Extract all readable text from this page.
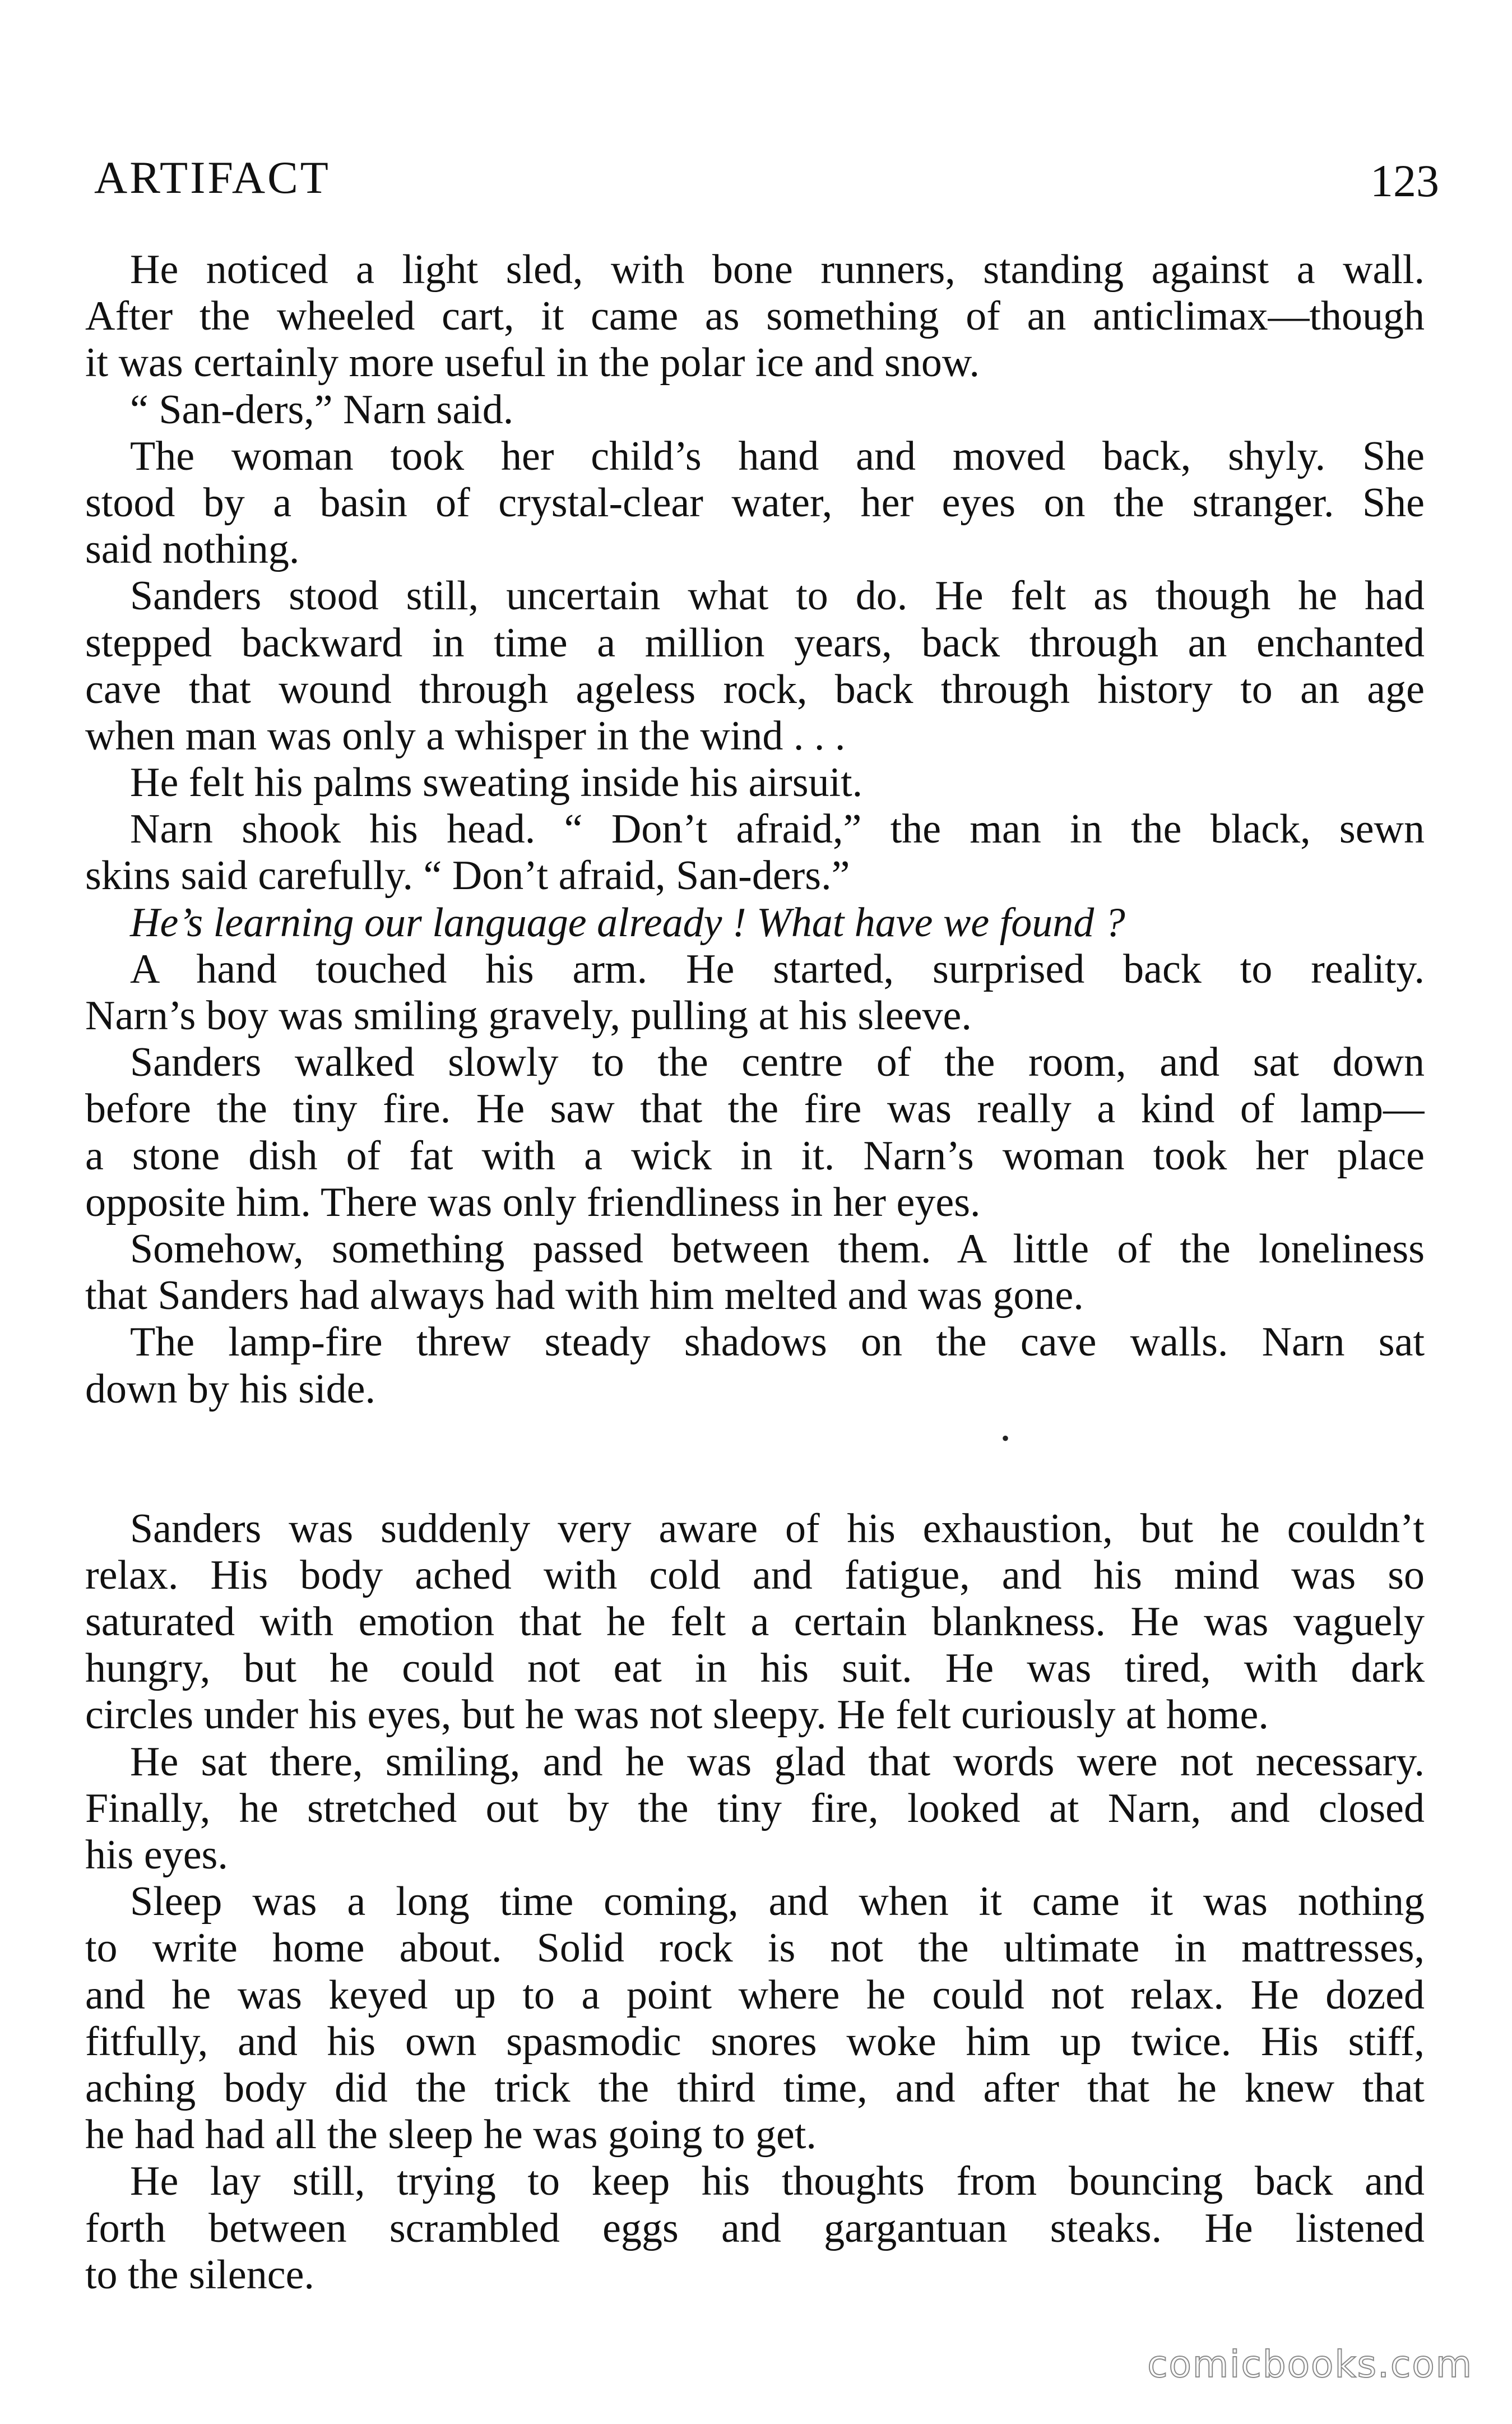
ARTIFACT	123
He noticed a light sled, with bone runners, standing against a wall.
After the wheeled cart, it came as something of an anticlimax—though
it was certainly more useful in the polar ice and snow.
“ San-ders,” Narn said.
The woman took her child’s hand and moved back, shyly. She
stood by a basin of crystal-clear water, her eyes on the stranger. She
said nothing.
Sanders stood still, uncertain what to do. He felt as though he had
stepped backward in time a million years, back through an enchanted
cave that wound through ageless rock, back through history to an age
when man was only a whisper in the wind . . .
He felt his palms sweating inside his airsuit.
Narn shook his head. “ Don’t afraid,” the man in the black, sewn
skins said carefully. “ Don’t afraid, San-ders.”
He’s learning our language already ! What have we found ?
A hand touched his arm. He started, surprised back to reality.
Narn’s boy was smiling gravely, pulling at his sleeve.
Sanders walked slowly to the centre of the room, and sat down
before the tiny fire. He saw that the fire was really a kind of lamp—
a stone dish of fat with a wick in it. Narn’s woman took her place
opposite him. There was only friendliness in her eyes.
Somehow, something passed between them. A little of the loneliness
that Sanders had always had with him melted and was gone.
The lamp-fire threw steady shadows on the cave walls. Narn sat
down by his side.
•
Sanders was suddenly very aware of his exhaustion, but he couldn’t
relax. His body ached with cold and fatigue, and his mind was so
saturated with emotion that he felt a certain blankness. He was vaguely
hungry, but he could not eat in his suit. He was tired, with dark
circles under his eyes, but he was not sleepy. He felt curiously at home.
He sat there, smiling, and he was glad that words were not necessary.
Finally, he stretched out by the tiny fire, looked at Narn, and closed
his eyes.
Sleep was a long time coming, and when it came it was nothing
to write home about. Solid rock is not the ultimate in mattresses,
and he was keyed up to a point where he could not relax. He dozed
fitfully, and his own spasmodic snores woke him up twice. His stiff,
aching body did the trick the third time, and after that he knew that
he had had all the sleep he was going to get.
He lay still, trying to keep his thoughts from bouncing back and
forth between scrambled eggs and gargantuan steaks. He listened
to the silence.
comicbooks.com
